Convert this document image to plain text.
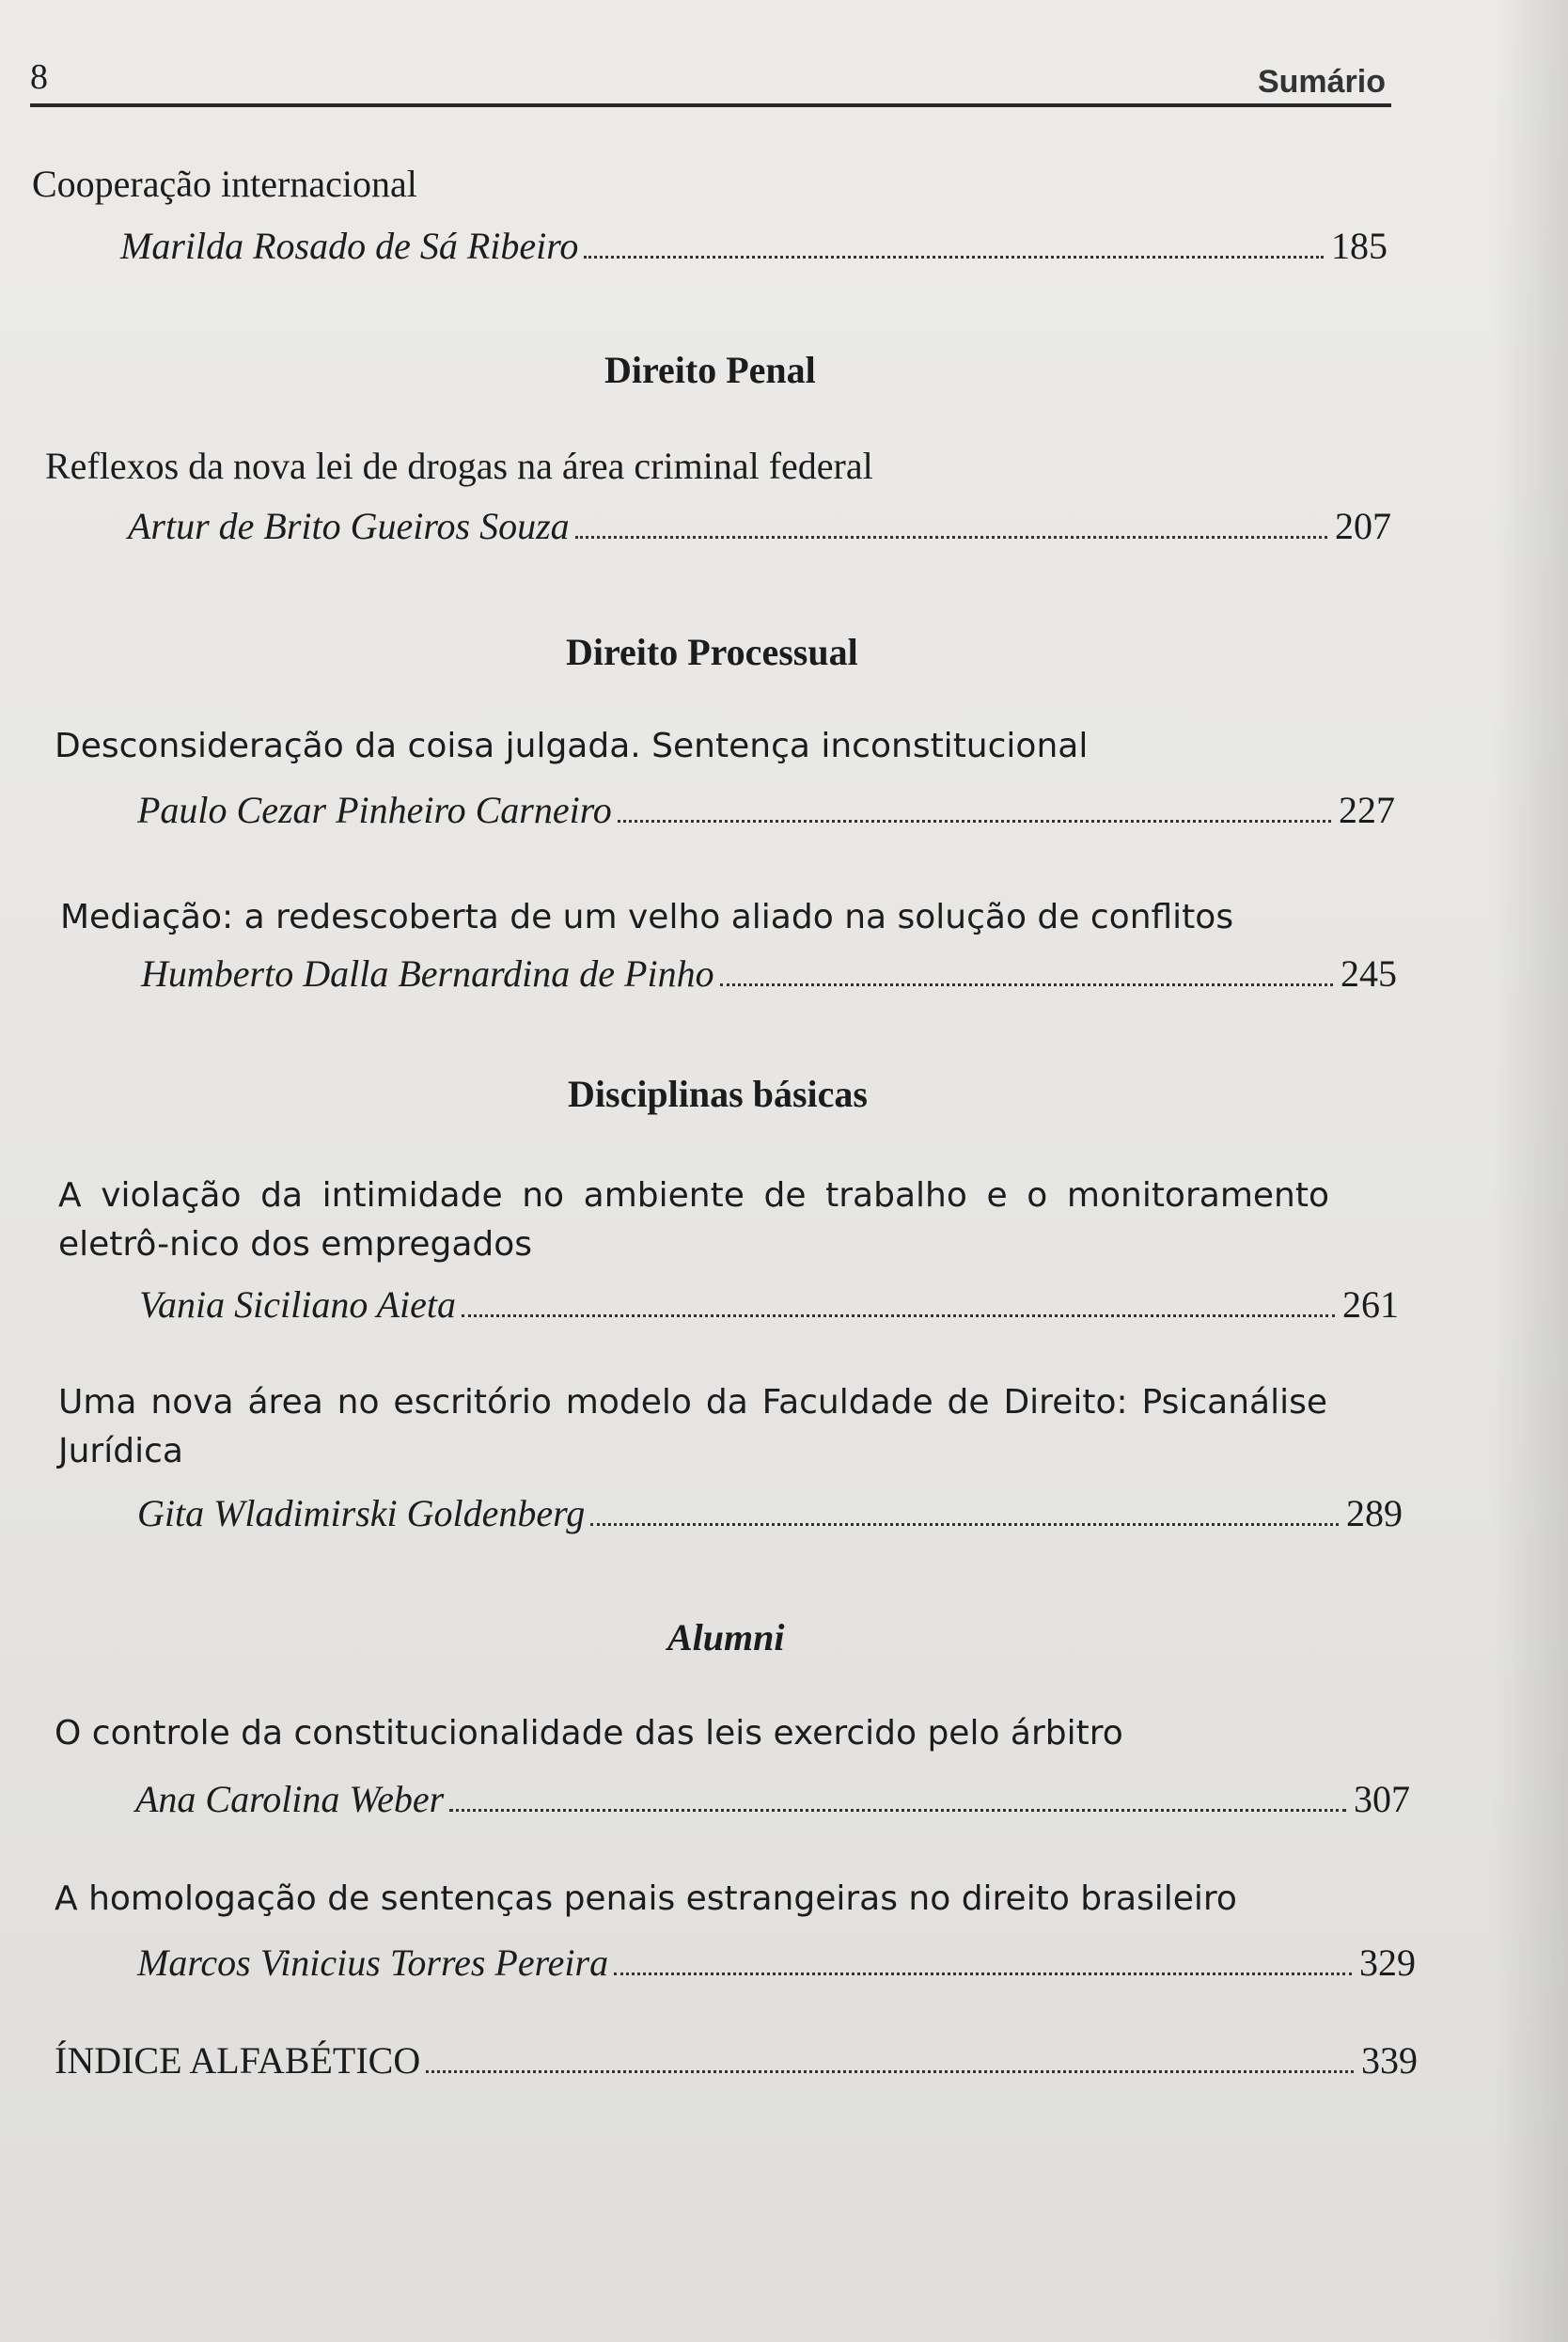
8	Sumário
Cooperação internacional
Marilda Rosado de Sá Ribeiro	185
Direito Penal
Reflexos da nova lei de drogas na área criminal federal
Artur de Brito Gueiros Souza	207
Direito Processual
Desconsideração da coisa julgada. Sentença inconstitucional
Paulo Cezar Pinheiro Carneiro	227
Mediação: a redescoberta de um velho aliado na solução de conflitos
Humberto Dalla Bernardina de Pinho	245
Disciplinas básicas
A violação da intimidade no ambiente de trabalho e o monitoramento eletrô-nico dos empregados
Vania Siciliano Aieta	261
Uma nova área no escritório modelo da Faculdade de Direito: Psicanálise Jurídica
Gita Wladimirski Goldenberg	289
Alumni
O controle da constitucionalidade das leis exercido pelo árbitro
Ana Carolina Weber	307
A homologação de sentenças penais estrangeiras no direito brasileiro
Marcos Vinicius Torres Pereira	329
ÍNDICE ALFABÉTICO	339
